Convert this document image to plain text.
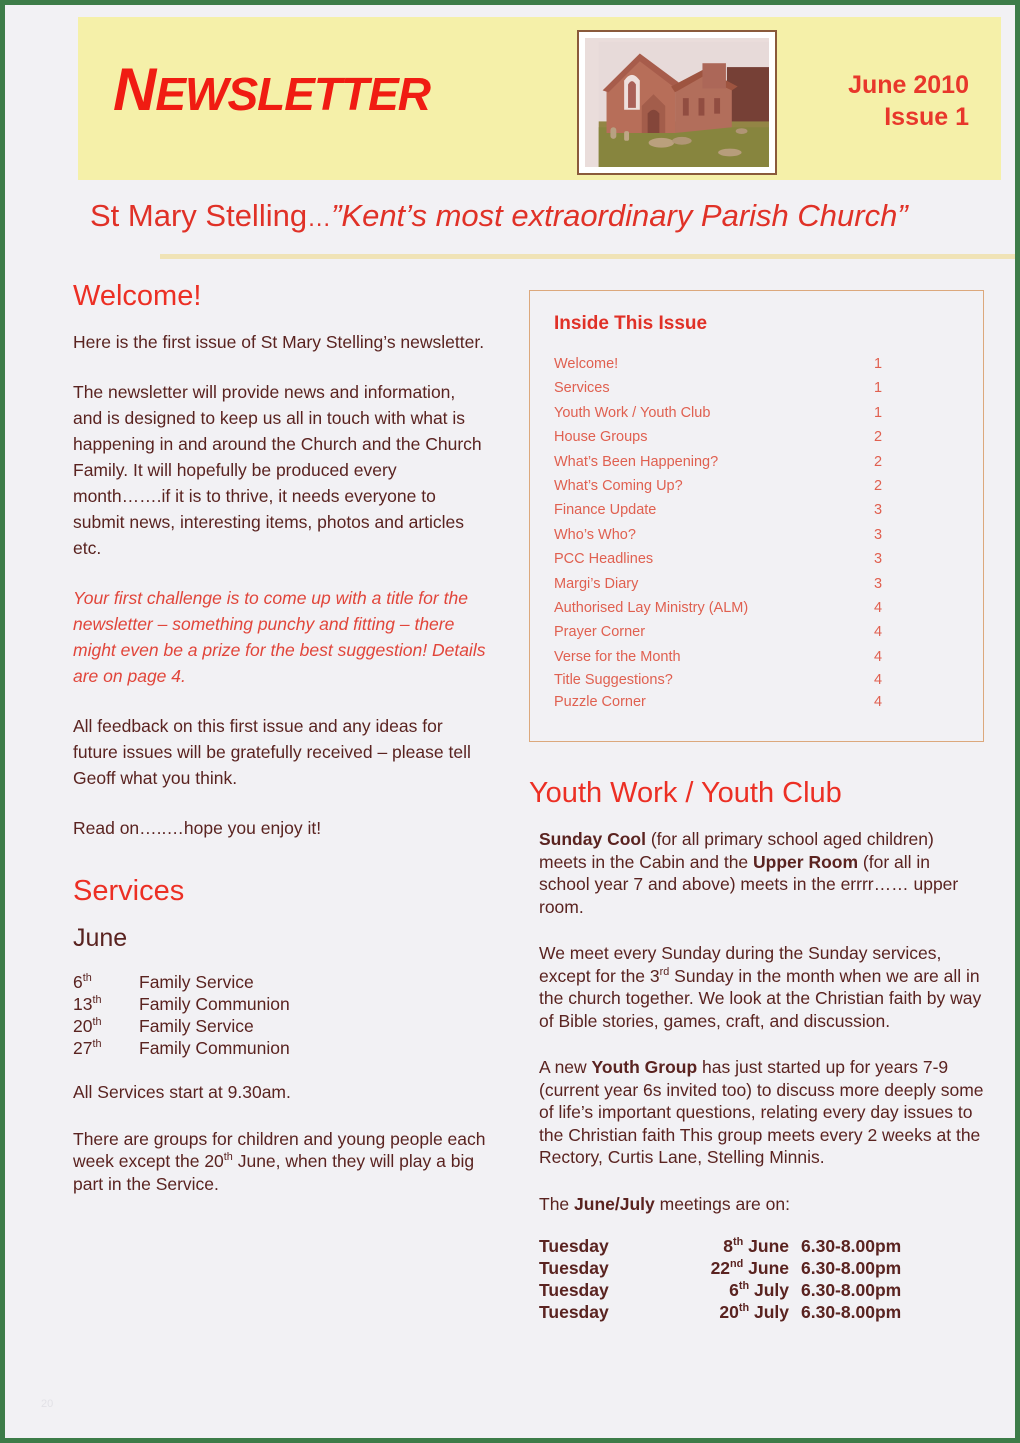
NEWSLETTER	June 2010
Issue 1
St Mary Stelling…”Kent’s most extraordinary Parish Church”
Welcome!

Here is the first issue of St Mary Stelling’s newsletter.

The newsletter will provide news and information, and is designed to keep us all in touch with what is happening in and around the Church and the Church Family. It will hopefully be produced every month…….if it is to thrive, it needs everyone to submit news, interesting items, photos and articles etc.

Your first challenge is to come up with a title for the newsletter – something punchy and fitting – there might even be a prize for the best suggestion! Details are on page 4.

All feedback on this first issue and any ideas for future issues will be gratefully received – please tell Geoff what you think.

Read on…..…hope you enjoy it!

Services
June
6th	Family Service
13th	Family Communion
20th	Family Service
27th	Family Communion

All Services start at 9.30am.

There are groups for children and young people each week except the 20th June, when they will play a big part in the Service.

Inside This Issue
Welcome!	1
Services	1
Youth Work / Youth Club	1
House Groups	2
What’s Been Happening?	2
What’s Coming Up?	2
Finance Update	3
Who’s Who?	3
PCC Headlines	3
Margi’s Diary	3
Authorised Lay Ministry (ALM)	4
Prayer Corner	4
Verse for the Month	4
Title Suggestions?	4
Puzzle Corner	4
Youth Work / Youth Club

Sunday Cool (for all primary school aged children) meets in the Cabin and the Upper Room (for all in school year 7 and above) meets in the errrr…… upper room.

We meet every Sunday during the Sunday services, except for the 3rd Sunday in the month when we are all in the church together. We look at the Christian faith by way of Bible stories, games, craft, and discussion.

A new Youth Group has just started up for years 7-9 (current year 6s invited too) to discuss more deeply some of life’s important questions, relating every day issues to the Christian faith This group meets every 2 weeks at the Rectory, Curtis Lane, Stelling Minnis.

The June/July meetings are on:

Tuesday	8th June	6.30-8.00pm
Tuesday	22nd June	6.30-8.00pm
Tuesday	6th July	6.30-8.00pm
Tuesday	20th July	6.30-8.00pm
20
